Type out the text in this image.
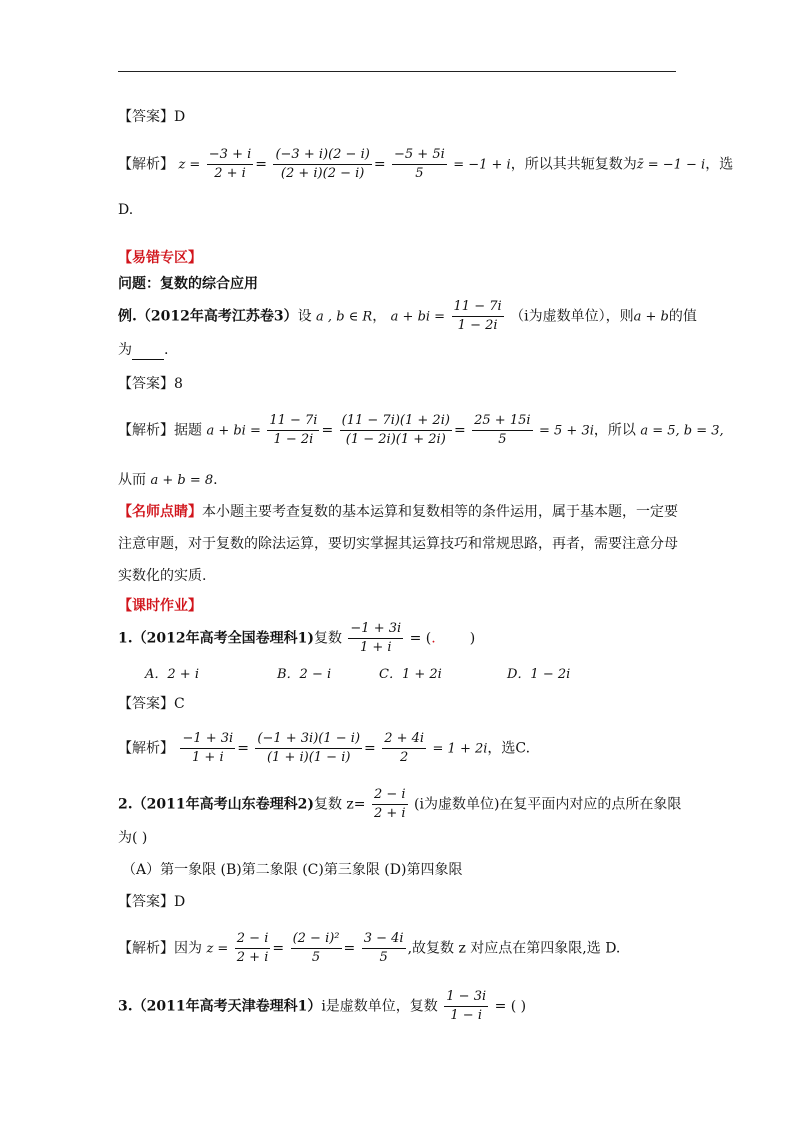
【答案】D
【解析】 $z = \frac{-3 + i}{2 + i} = \frac{(-3 + i)(2 - i)}{(2 + i)(2 - i)} = \frac{-5 + 5i}{5} = -1 + i$，所以其共轭复数为z̄ = −1 − i，选
D.
【易错专区】
问题：复数的综合应用
例.（2012年高考江苏卷3）设 a , b ∈ R， a + bi = $\frac{11 - 7i}{1 - 2i} (i$为虚数单位），则a + b的值
为 .
【答案】8
【解析】据题 a + bi = $\frac{11 - 7i}{1 - 2i} = \frac{(11 - 7i)(1 + 2i)}{(1 - 2i)(1 + 2i)} = \frac{25 + 15i}{5} = 5 + 3i$，所以 a = 5, b = 3,
从而 a + b = 8.
【名师点睛】本小题主要考查复数的基本运算和复数相等的条件运用，属于基本题，一定要
注意审题，对于复数的除法运算，要切实掌握其运算技巧和常规思路，再者，需要注意分母
实数化的实质.
【课时作业】
1.（2012年高考全国卷理科1)复数 $\frac{-1 + 3i}{1 + i}$ = (. )
A．2 + i	B．2 − i	C．1 + 2i	D．1 − 2i
【答案】C
【解析】 $\frac{-1 + 3i}{1 + i} = \frac{(-1 + 3i)(1 - i)}{(1 + i)(1 - i)} = \frac{2 + 4i}{2} = 1 + 2i$，选C.
2.（2011年高考山东卷理科2)复数 $z= \frac{2 - i}{2 + i} (i$为虚数单位)在复平面内对应的点所在象限
为( )
（A）第一象限 (B)第二象限 (C)第三象限 (D)第四象限
【答案】D
【解析】因为 $z = \frac{2 - i}{2 + i} = \frac{\text{(2 − i)²}}{5} = \frac{3 - 4i}{5}$ ,故复数 z 对应点在第四象限,选 D.
3.（2011年高考天津卷理科1）i是虚数单位，复数 $\frac{1 - 3i}{1 - i}$ = ( )
